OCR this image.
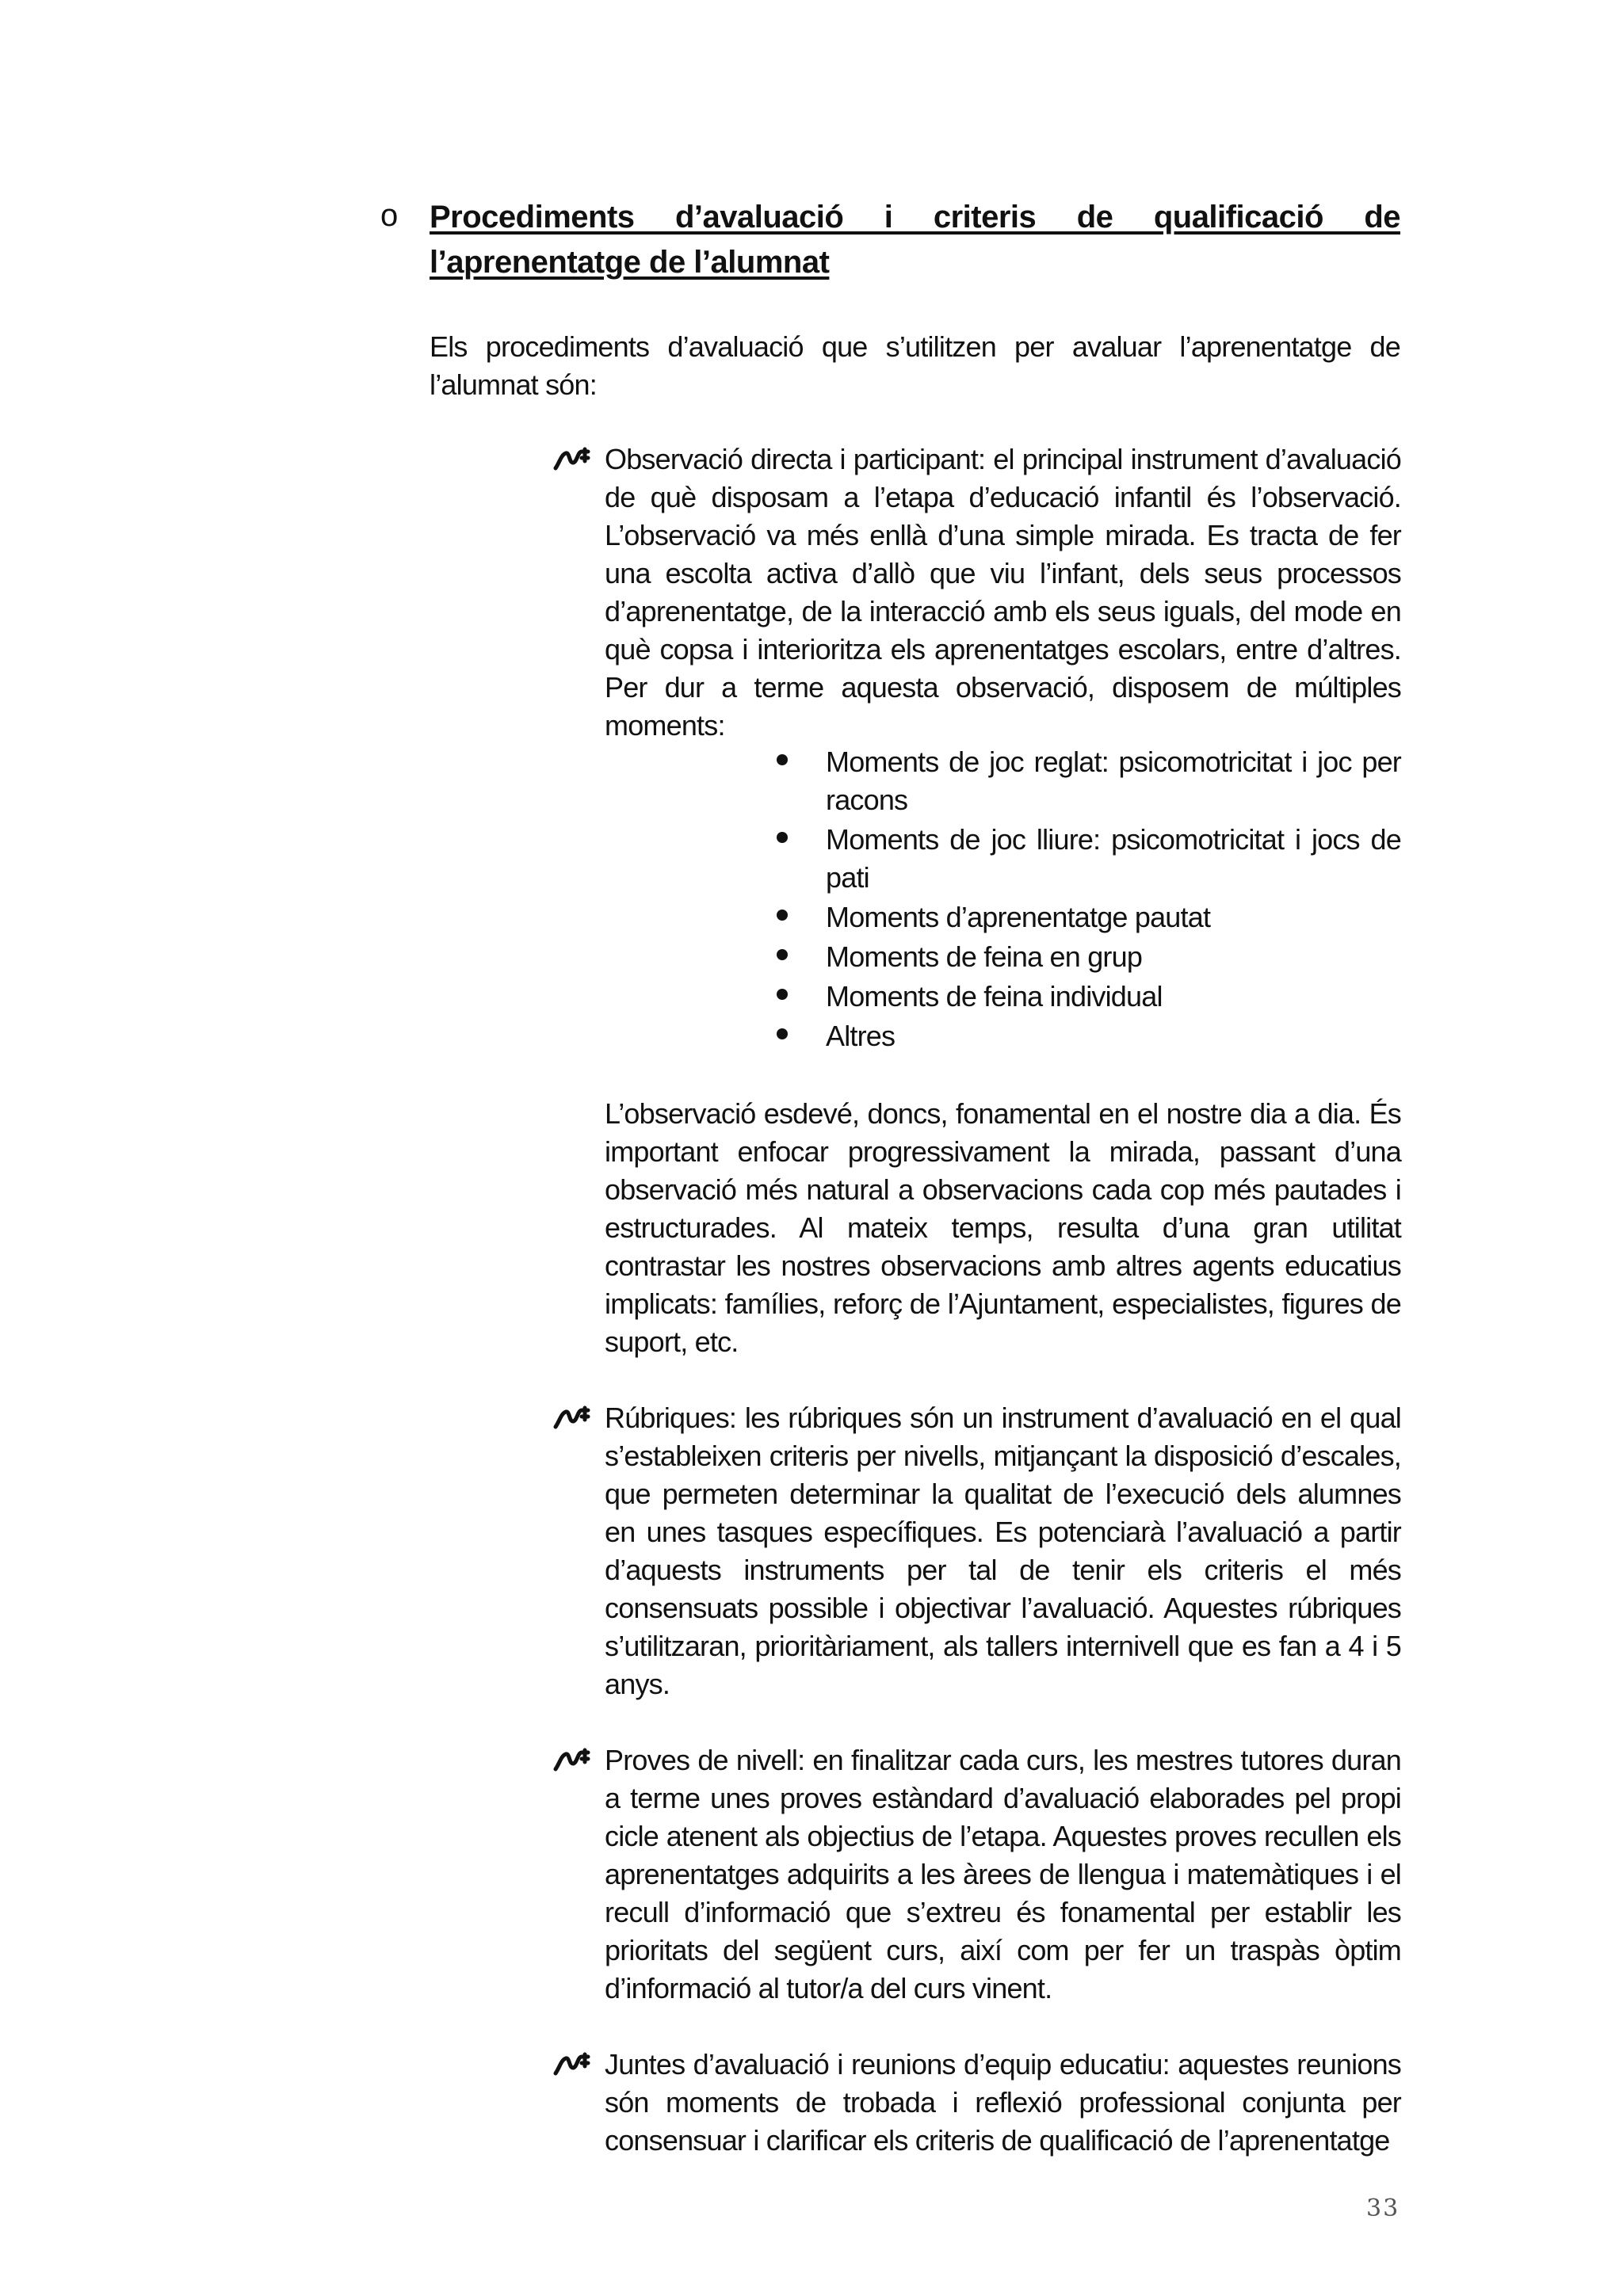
o Procediments d’avaluació i criteris de qualificació de
l’aprenentatge de l’alumnat

Els procediments d’avaluació que s’utilitzen per avaluar l’aprenentatge de l’alumnat són:

Observació directa i participant: el principal instrument d’avaluació de què disposam a l’etapa d’educació infantil és l’observació. L’observació va més enllà d’una simple mirada. Es tracta de fer una escolta activa d’allò que viu l’infant, dels seus processos d’aprenentatge, de la interacció amb els seus iguals, del mode en què copsa i interioritza els aprenentatges escolars, entre d’altres. Per dur a terme aquesta observació, disposem de múltiples moments:

Moments de joc reglat: psicomotricitat i joc per racons
Moments de joc lliure: psicomotricitat i jocs de pati
Moments d’aprenentatge pautat
Moments de feina en grup
Moments de feina individual
Altres

L’observació esdevé, doncs, fonamental en el nostre dia a dia. És important enfocar progressivament la mirada, passant d’una observació més natural a observacions cada cop més pautades i estructurades. Al mateix temps, resulta d’una gran utilitat contrastar les nostres observacions amb altres agents educatius implicats: famílies, reforç de l’Ajuntament, especialistes, figures de suport, etc.

Rúbriques: les rúbriques són un instrument d’avaluació en el qual s’estableixen criteris per nivells, mitjançant la disposició d’escales, que permeten determinar la qualitat de l’execució dels alumnes en unes tasques específiques. Es potenciarà l’avaluació a partir d’aquests instruments per tal de tenir els criteris el més consensuats possible i objectivar l’avaluació. Aquestes rúbriques s’utilitzaran, prioritàriament, als tallers internivell que es fan a 4 i 5 anys.

Proves de nivell: en finalitzar cada curs, les mestres tutores duran a terme unes proves estàndard d’avaluació elaborades pel propi cicle atenent als objectius de l’etapa. Aquestes proves recullen els aprenentatges adquirits a les àrees de llengua i matemàtiques i el recull d’informació que s’extreu és fonamental per establir les prioritats del següent curs, així com per fer un traspàs òptim d’informació al tutor/a del curs vinent.

Juntes d’avaluació i reunions d’equip educatiu: aquestes reunions són moments de trobada i reflexió professional conjunta per consensuar i clarificar els criteris de qualificació de l’aprenentatge

33
